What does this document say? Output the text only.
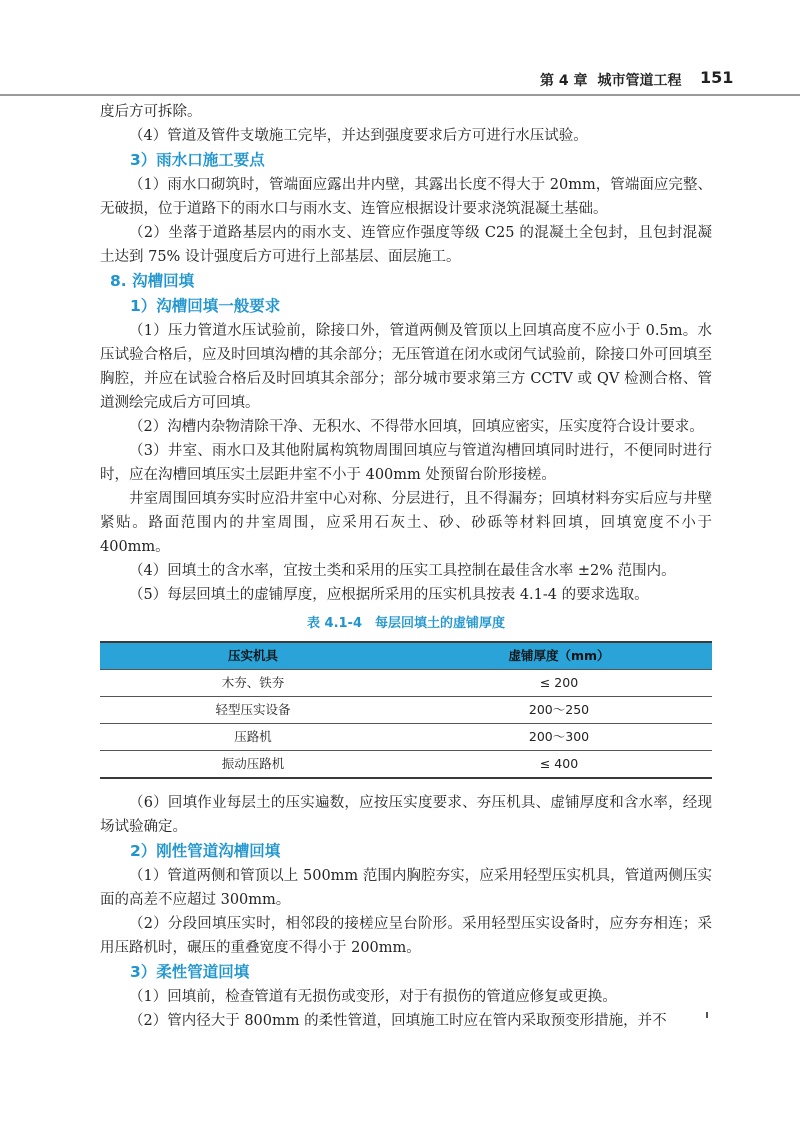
第 4 章 城市管道工程	151

度后方可拆除。

（4）管道及管件支墩施工完毕，并达到强度要求后方可进行水压试验。

3）雨水口施工要点

（1）雨水口砌筑时，管端面应露出井内壁，其露出长度不得大于 20mm，管端面应完整、无破损，位于道路下的雨水口与雨水支、连管应根据设计要求浇筑混凝土基础。

（2）坐落于道路基层内的雨水支、连管应作强度等级 C25 的混凝土全包封，且包封混凝土达到 75% 设计强度后方可进行上部基层、面层施工。

8. 沟槽回填

1）沟槽回填一般要求

（1）压力管道水压试验前，除接口外，管道两侧及管顶以上回填高度不应小于 0.5m。水压试验合格后，应及时回填沟槽的其余部分；无压管道在闭水或闭气试验前，除接口外可回填至胸腔，并应在试验合格后及时回填其余部分；部分城市要求第三方 CCTV 或 QV 检测合格、管道测绘完成后方可回填。

（2）沟槽内杂物清除干净、无积水、不得带水回填，回填应密实，压实度符合设计要求。

（3）井室、雨水口及其他附属构筑物周围回填应与管道沟槽回填同时进行，不便同时进行时，应在沟槽回填压实土层距井室不小于 400mm 处预留台阶形接槎。

井室周围回填夯实时应沿井室中心对称、分层进行，且不得漏夯；回填材料夯实后应与井壁紧贴。路面范围内的井室周围，应采用石灰土、砂、砂砾等材料回填，回填宽度不小于 400mm。

（4）回填土的含水率，宜按土类和采用的压实工具控制在最佳含水率 ±2% 范围内。

（5）每层回填土的虚铺厚度，应根据所采用的压实机具按表 4.1-4 的要求选取。

表 4.1-4　每层回填土的虚铺厚度
压实机具	虚铺厚度（mm）
木夯、铁夯	≤ 200
轻型压实设备	200～250
压路机	200～300
振动压路机	≤ 400

（6）回填作业每层土的压实遍数，应按压实度要求、夯压机具、虚铺厚度和含水率，经现场试验确定。

2）刚性管道沟槽回填

（1）管道两侧和管顶以上 500mm 范围内胸腔夯实，应采用轻型压实机具，管道两侧压实面的高差不应超过 300mm。

（2）分段回填压实时，相邻段的接槎应呈台阶形。采用轻型压实设备时，应夯夯相连；采用压路机时，碾压的重叠宽度不得小于 200mm。

3）柔性管道回填

（1）回填前，检查管道有无损伤或变形，对于有损伤的管道应修复或更换。

（2）管内径大于 800mm 的柔性管道，回填施工时应在管内采取预变形措施，并不
